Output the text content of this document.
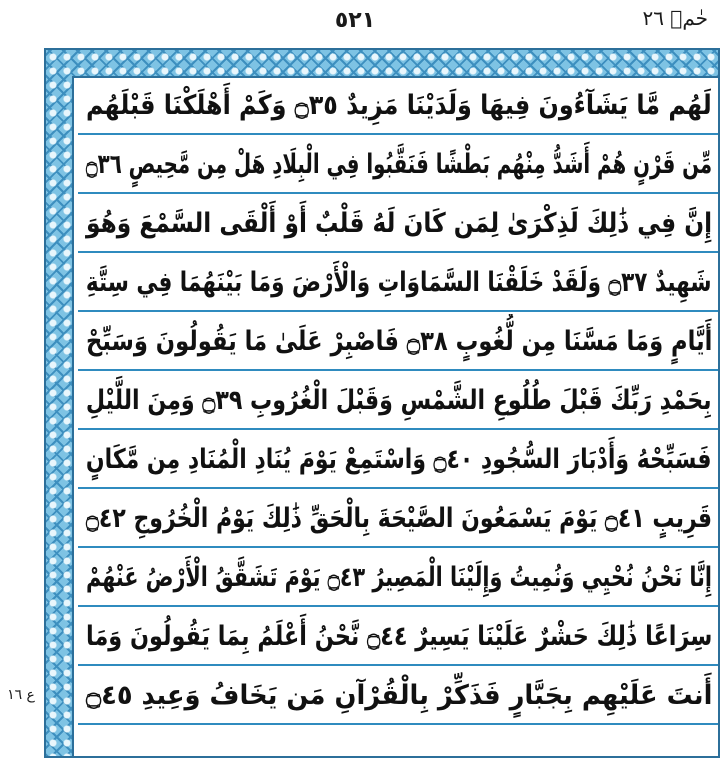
٥٢١	حٰمۤ ٢٦
لَهُم مَّا يَشَآءُونَ فِيهَا وَلَدَيْنَا مَزِيدٌ ۝٣٥ وَكَمْ أَهْلَكْنَا قَبْلَهُم
مِّن قَرْنٍ هُمْ أَشَدُّ مِنْهُم بَطْشًا فَنَقَّبُوا فِي الْبِلَادِ هَلْ مِن مَّحِيصٍ ۝٣٦
إِنَّ فِي ذَٰلِكَ لَذِكْرَىٰ لِمَن كَانَ لَهُ قَلْبٌ أَوْ أَلْقَى السَّمْعَ وَهُوَ
شَهِيدٌ ۝٣٧ وَلَقَدْ خَلَقْنَا السَّمَاوَاتِ وَالْأَرْضَ وَمَا بَيْنَهُمَا فِي سِتَّةِ
أَيَّامٍ وَمَا مَسَّنَا مِن لُّغُوبٍ ۝٣٨ فَاصْبِرْ عَلَىٰ مَا يَقُولُونَ وَسَبِّحْ
بِحَمْدِ رَبِّكَ قَبْلَ طُلُوعِ الشَّمْسِ وَقَبْلَ الْغُرُوبِ ۝٣٩ وَمِنَ اللَّيْلِ
فَسَبِّحْهُ وَأَدْبَارَ السُّجُودِ ۝٤٠ وَاسْتَمِعْ يَوْمَ يُنَادِ الْمُنَادِ مِن مَّكَانٍ
قَرِيبٍ ۝٤١ يَوْمَ يَسْمَعُونَ الصَّيْحَةَ بِالْحَقِّ ذَٰلِكَ يَوْمُ الْخُرُوجِ ۝٤٢
إِنَّا نَحْنُ نُحْيِي وَنُمِيتُ وَإِلَيْنَا الْمَصِيرُ ۝٤٣ يَوْمَ تَشَقَّقُ الْأَرْضُ عَنْهُمْ
سِرَاعًا ذَٰلِكَ حَشْرٌ عَلَيْنَا يَسِيرٌ ۝٤٤ نَّحْنُ أَعْلَمُ بِمَا يَقُولُونَ وَمَا
أَنتَ عَلَيْهِم بِجَبَّارٍ فَذَكِّرْ بِالْقُرْآنِ مَن يَخَافُ وَعِيدِ ۝٤٥
ع ١٦
